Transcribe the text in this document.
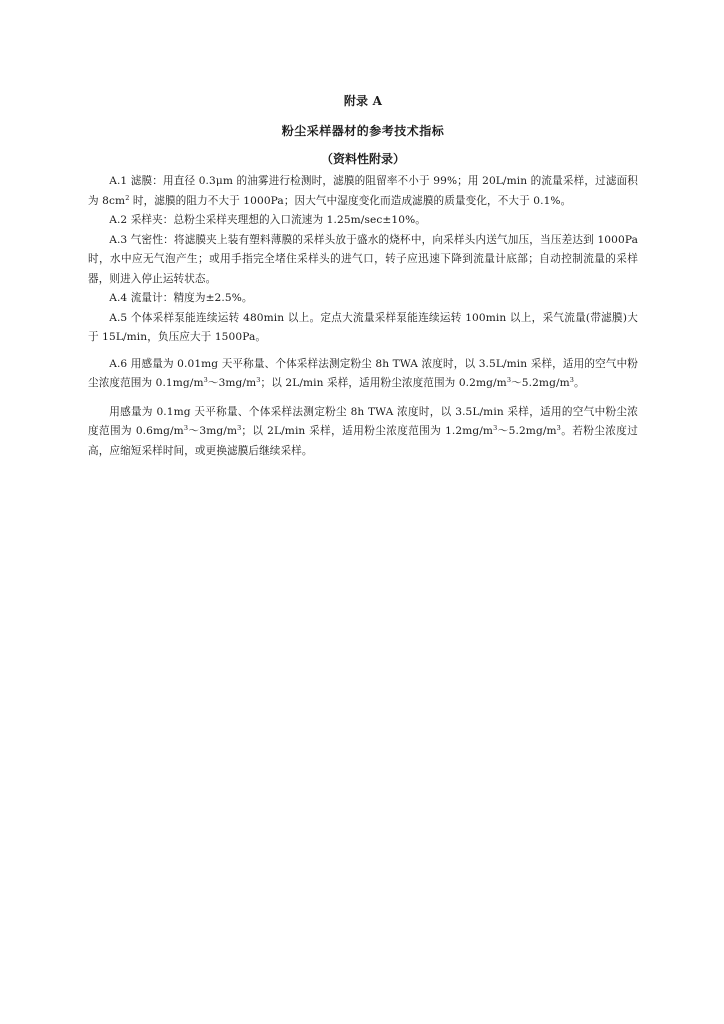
附录 A
粉尘采样器材的参考技术指标
（资料性附录）

A.1 滤膜：用直径 0.3μm 的油雾进行检测时，滤膜的阻留率不小于 99%；用 20L/min 的流量采样，过滤面积为 $8cm^2$ 时，滤膜的阻力不大于 1000Pa；因大气中湿度变化而造成滤膜的质量变化，不大于 0.1%。

A.2 采样夹：总粉尘采样夹理想的入口流速为 1.25m/sec±10%。

A.3 气密性：将滤膜夹上装有塑料薄膜的采样头放于盛水的烧杯中，向采样头内送气加压，当压差达到 1000Pa 时，水中应无气泡产生；或用手指完全堵住采样头的进气口，转子应迅速下降到流量计底部；自动控制流量的采样器，则进入停止运转状态。

A.4 流量计：精度为±2.5%。

A.5 个体采样泵能连续运转 480min 以上。定点大流量采样泵能连续运转 100min 以上，采气流量(带滤膜)大于 15L/min，负压应大于 1500Pa。

A.6 用感量为 0.01mg 天平称量、个体采样法测定粉尘 8h TWA 浓度时，以 3.5L/min 采样，适用的空气中粉尘浓度范围为 $0.1mg/m^3\sim 3mg/m^3$；以 2L/min 采样，适用粉尘浓度范围为 $0.2mg/m^3\sim 5.2mg/m^3$。

用感量为 0.1mg 天平称量、个体采样法测定粉尘 8h TWA 浓度时，以 3.5L/min 采样，适用的空气中粉尘浓度范围为 $0.6mg/m^3\sim 3mg/m^3$；以 2L/min 采样，适用粉尘浓度范围为 $1.2mg/m^3\sim 5.2mg/m^3$。若粉尘浓度过高，应缩短采样时间，或更换滤膜后继续采样。
